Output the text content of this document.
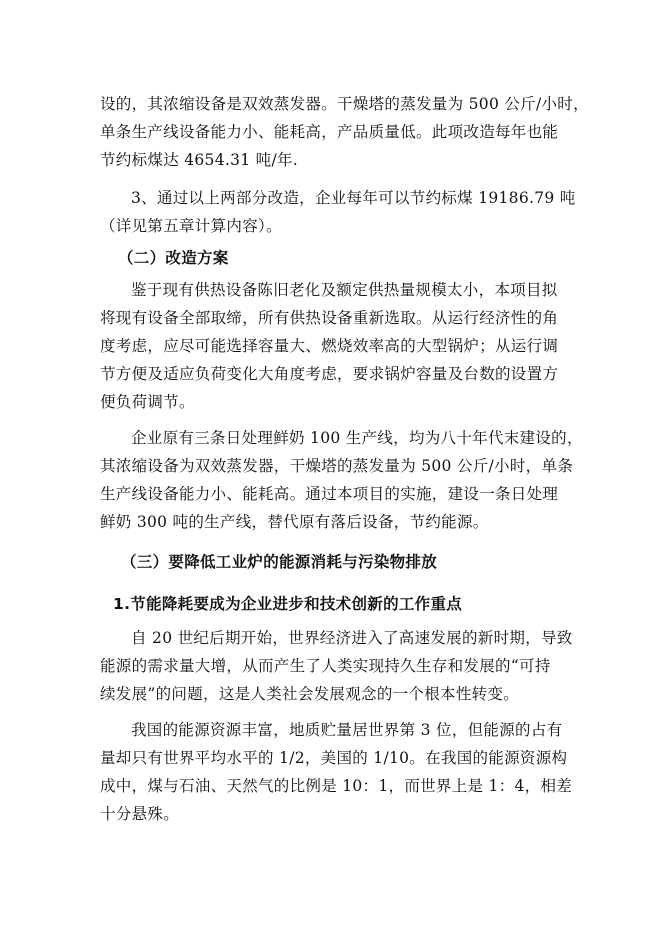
设的，其浓缩设备是双效蒸发器。干燥塔的蒸发量为 500 公斤/小时，
单条生产线设备能力小、能耗高，产品质量低。此项改造每年也能
节约标煤达 4654.31 吨/年.
3、通过以上两部分改造，企业每年可以节约标煤 19186.79 吨
（详见第五章计算内容）。
（二）改造方案
鉴于现有供热设备陈旧老化及额定供热量规模太小，本项目拟
将现有设备全部取缔，所有供热设备重新选取。从运行经济性的角
度考虑，应尽可能选择容量大、燃烧效率高的大型锅炉；从运行调
节方便及适应负荷变化大角度考虑，要求锅炉容量及台数的设置方
便负荷调节。
企业原有三条日处理鲜奶 100 生产线，均为八十年代末建设的，
其浓缩设备为双效蒸发器，干燥塔的蒸发量为 500 公斤/小时，单条
生产线设备能力小、能耗高。通过本项目的实施，建设一条日处理
鲜奶 300 吨的生产线，替代原有落后设备，节约能源。
（三）要降低工业炉的能源消耗与污染物排放
1.节能降耗要成为企业进步和技术创新的工作重点
自 20 世纪后期开始，世界经济进入了高速发展的新时期，导致
能源的需求量大增，从而产生了人类实现持久生存和发展的“可持
续发展”的问题，这是人类社会发展观念的一个根本性转变。
我国的能源资源丰富，地质贮量居世界第 3 位，但能源的占有
量却只有世界平均水平的 1/2，美国的 1/10。在我国的能源资源构
成中，煤与石油、天然气的比例是 10：1，而世界上是 1：4，相差
十分悬殊。
